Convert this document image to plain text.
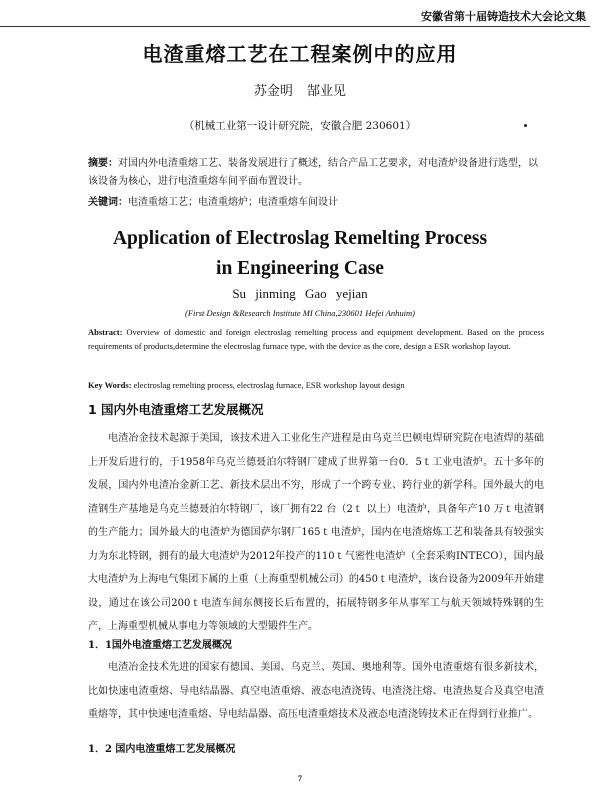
安徽省第十届铸造技术大会论文集
电渣重熔工艺在工程案例中的应用
苏金明 郜业见
（机械工业第一设计研究院，安徽合肥 230601）
摘要：对国内外电渣重熔工艺、装备发展进行了概述，结合产品工艺要求，对电渣炉设备进行选型，以该设备为核心，进行电渣重熔车间平面布置设计。
关键词：电渣重熔工艺；电渣重熔炉；电渣重熔车间设计
Application of Electroslag Remelting Process
in Engineering Case
Su jinming Gao yejian
(First Design &Research Institute MI China,230601 Hefei Anhuim)
Abstract: Overview of domestic and foreign electroslag remelting process and equipment development. Based on the process requirements of products,determine the electroslag furnace type, with the device as the core, design a ESR workshop layout.
Key Words: electroslag remelting process, electroslag furnace, ESR workshop layout design
1 国内外电渣重熔工艺发展概况
电渣冶金技术起源于美国，该技术进入工业化生产进程是由乌克兰巴顿电焊研究院在电渣焊的基础上开发后进行的，于1958年乌克兰德聂泊尔特钢厂建成了世界第一台0．5ｔ工业电渣炉。五十多年的发展，国内外电渣冶金新工艺、新技术层出不穷，形成了一个跨专业、跨行业的新学科。国外最大的电渣钢生产基地是乌克兰德聂泊尔特钢厂，该厂拥有22 台（2ｔ 以上）电渣炉，具备年产10 万ｔ电渣钢的生产能力；国外最大的电渣炉为德国萨尔钢厂165ｔ电渣炉，国内在电渣熔炼工艺和装备具有较强实力为东北特钢，拥有的最大电渣炉为2012年投产的110ｔ气密性电渣炉（全套采购INTECO），国内最大电渣炉为上海电气集团下属的上重（上海重型机械公司）的450ｔ电渣炉，该台设备为2009年开始建设，通过在该公司200ｔ电渣车间东侧接长后布置的，拓展特钢多年从事军工与航天领域特殊钢的生产，上海重型机械从事电力等领域的大型锻件生产。
1．1国外电渣重熔工艺发展概况
电渣冶金技术先进的国家有德国、美国、乌克兰、英国、奥地利等。国外电渣重熔有很多新技术，比如快速电渣重熔、导电结晶器、真空电渣重熔、液态电渣浇铸、电渣浇注熔、电渣热复合及真空电渣重熔等，其中快速电渣重熔、导电结晶器、高压电渣重熔技术及液态电渣浇铸技术正在得到行业推广。
1．2 国内电渣重熔工艺发展概况
7
